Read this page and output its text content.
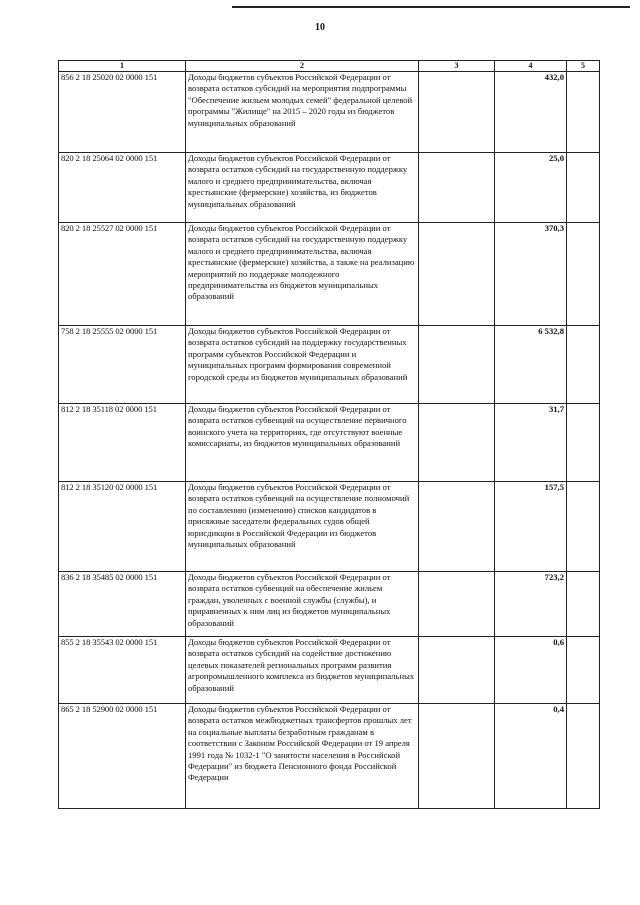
10
1	2	3	4	5
856 2 18 25020 02 0000 151	Доходы бюджетов субъектов Российской Федерации от возврата остатков субсидий на мероприятия подпрограммы "Обеспечение жильем молодых семей" федеральной целевой программы "Жилище" на 2015 – 2020 годы из бюджетов муниципальных образований		432,0	
820 2 18 25064 02 0000 151	Доходы бюджетов субъектов Российской Федерации от возврата остатков субсидий на государственную поддержку малого и среднего предпринимательства, включая крестьянские (фермерские) хозяйства, из бюджетов муниципальных образований		25,0	
820 2 18 25527 02 0000 151	Доходы бюджетов субъектов Российской Федерации от возврата остатков субсидий на государственную поддержку малого и среднего предпринимательства, включая крестьянские (фермерские) хозяйства, а также на реализацию мероприятий по поддержке молодежного предпринимательства из бюджетов муниципальных образований		370,3	
758 2 18 25555 02 0000 151	Доходы бюджетов субъектов Российской Федерации от возврата остатков субсидий на поддержку государственных программ субъектов Российской Федерации и муниципальных программ формирования современной городской среды из бюджетов муниципальных образований		6 532,8	
812 2 18 35118 02 0000 151	Доходы бюджетов субъектов Российской Федерации от возврата остатков субвенций на осуществление первичного воинского учета на территориях, где отсутствуют военные комиссариаты, из бюджетов муниципальных образований		31,7	
812 2 18 35120 02 0000 151	Доходы бюджетов субъектов Российской Федерации от возврата остатков субвенций на осуществление полномочий по составлению (изменению) списков кандидатов в присяжные заседатели федеральных судов общей юрисдикции в Российской Федерации из бюджетов муниципальных образований		157,5	
836 2 18 35485 02 0000 151	Доходы бюджетов субъектов Российской Федерации от возврата остатков субвенций на обеспечение жильем граждан, уволенных с военной службы (службы), и приравненных к ним лиц из бюджетов муниципальных образований		723,2	
855 2 18 35543 02 0000 151	Доходы бюджетов субъектов Российской Федерации от возврата остатков субсидий на содействие достижению целевых показателей региональных программ развития агропромышленного комплекса из бюджетов муниципальных образований		0,6	
865 2 18 52900 02 0000 151	Доходы бюджетов субъектов Российской Федерации от возврата остатков межбюджетных трансфертов прошлых лет на социальные выплаты безработным гражданам в соответствии с Законом Российской Федерации от 19 апреля 1991 года № 1032-1 "О занятости населения в Российской Федерации" из бюджета Пенсионного фонда Российской Федерации		0,4	
